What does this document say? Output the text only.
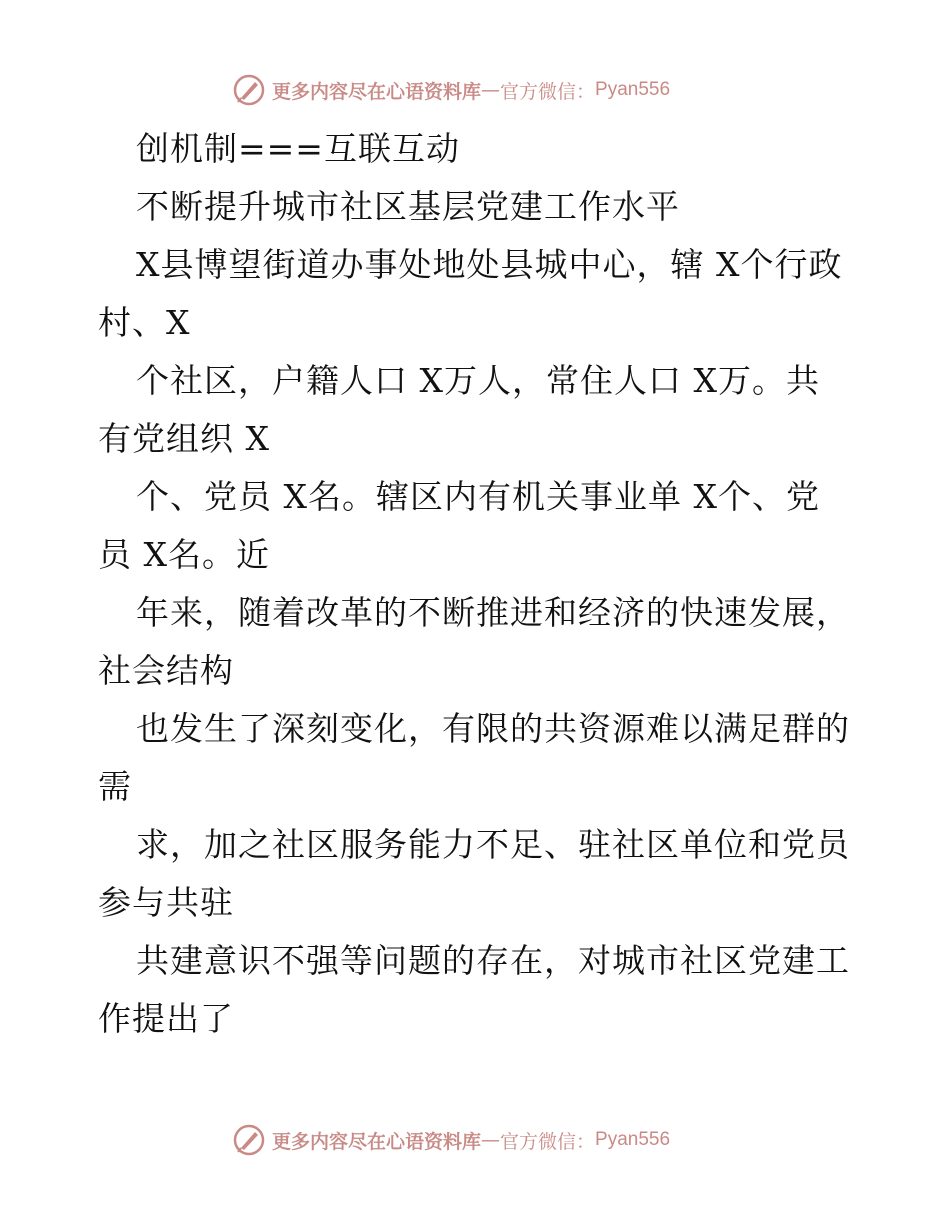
更多内容尽在心语资料库 — 官方微信： Pyan556
创机制===互联互动
不断提升城市社区基层党建工作水平
X县博望街道办事处地处县城中心，辖 X个行政
村、X
个社区，户籍人口 X万人，常住人口 X万。共
有党组织 X
个、党员 X名。辖区内有机关事业单 X个、党
员 X名。近
年来，随着改革的不断推进和经济的快速发展，
社会结构
也发生了深刻变化，有限的共资源难以满足群的
需
求，加之社区服务能力不足、驻社区单位和党员
参与共驻
共建意识不强等问题的存在，对城市社区党建工
作提出了
更多内容尽在心语资料库 — 官方微信： Pyan556
